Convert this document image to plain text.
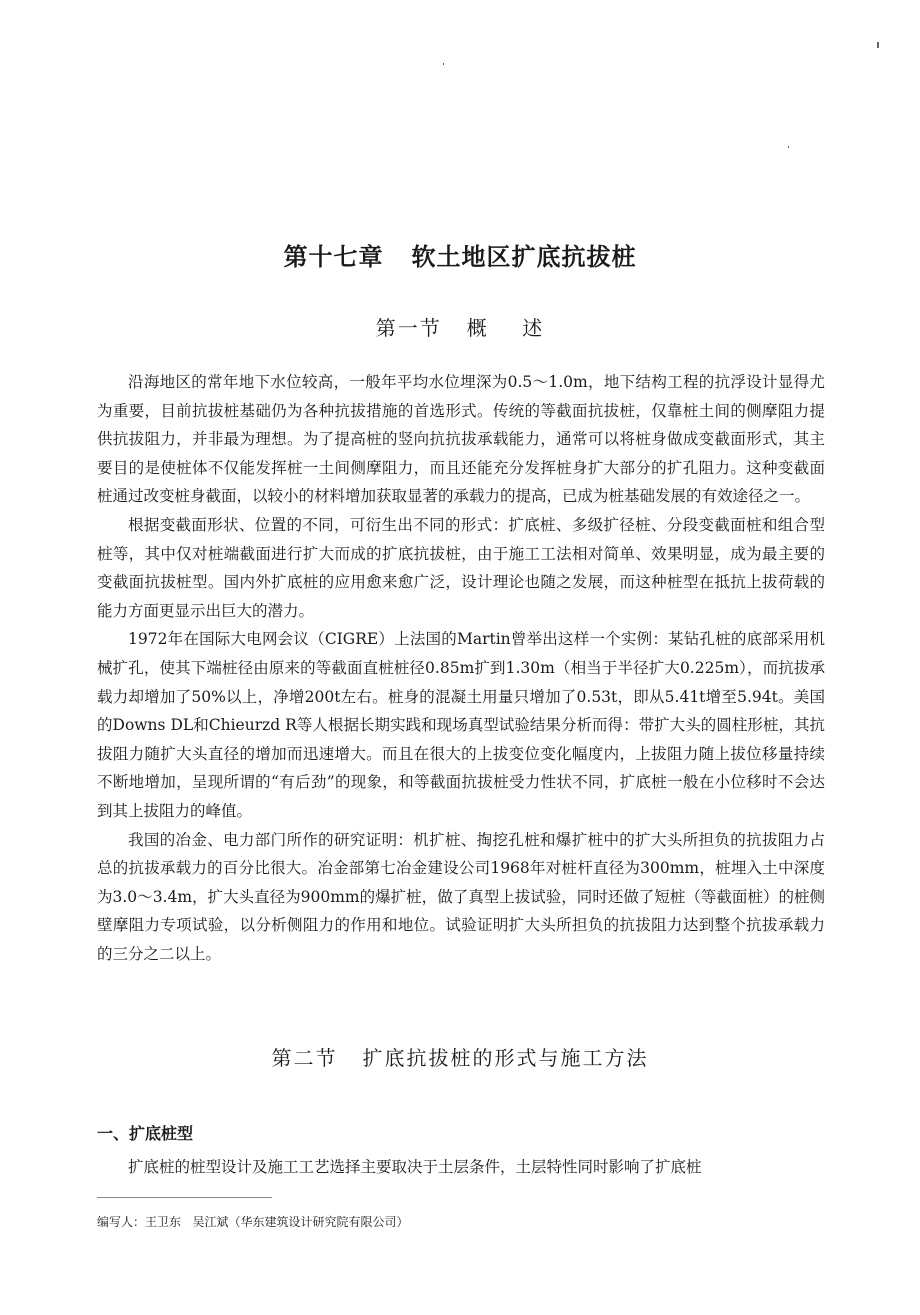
第十七章   软土地区扩底抗拔桩
第一节   概    述

沿海地区的常年地下水位较高，一般年平均水位埋深为0.5～1.0m，地下结构工程的抗浮设计显得尤为重要，目前抗拔桩基础仍为各种抗拔措施的首选形式。传统的等截面抗拔桩，仅靠桩土间的侧摩阻力提供抗拔阻力，并非最为理想。为了提高桩的竖向抗抗拔承载能力，通常可以将桩身做成变截面形式，其主要目的是使桩体不仅能发挥桩一土间侧摩阻力，而且还能充分发挥桩身扩大部分的扩孔阻力。这种变截面桩通过改变桩身截面，以较小的材料增加获取显著的承载力的提高，已成为桩基础发展的有效途径之一。

根据变截面形状、位置的不同，可衍生出不同的形式：扩底桩、多级扩径桩、分段变截面桩和组合型桩等，其中仅对桩端截面进行扩大而成的扩底抗拔桩，由于施工工法相对简单、效果明显，成为最主要的变截面抗拔桩型。国内外扩底桩的应用愈来愈广泛，设计理论也随之发展，而这种桩型在抵抗上拔荷载的能力方面更显示出巨大的潜力。

1972年在国际大电网会议（CIGRE）上法国的Martin曾举出这样一个实例：某钻孔桩的底部采用机械扩孔，使其下端桩径由原来的等截面直桩桩径0.85m扩到1.30m（相当于半径扩大0.225m），而抗拔承载力却增加了50%以上，净增200t左右。桩身的混凝土用量只增加了0.53t，即从5.41t增至5.94t。美国的Downs DL和Chieurzd R等人根据长期实践和现场真型试验结果分析而得：带扩大头的圆柱形桩，其抗拔阻力随扩大头直径的增加而迅速增大。而且在很大的上拔变位变化幅度内，上拔阻力随上拔位移量持续不断地增加，呈现所谓的“有后劲”的现象，和等截面抗拔桩受力性状不同，扩底桩一般在小位移时不会达到其上拔阻力的峰值。

我国的冶金、电力部门所作的研究证明：机扩桩、掏挖孔桩和爆扩桩中的扩大头所担负的抗拔阻力占总的抗拔承载力的百分比很大。冶金部第七冶金建设公司1968年对桩杆直径为300mm，桩埋入土中深度为3.0～3.4m，扩大头直径为900mm的爆扩桩，做了真型上拔试验，同时还做了短桩（等截面桩）的桩侧壁摩阻力专项试验，以分析侧阻力的作用和地位。试验证明扩大头所担负的抗拔阻力达到整个抗拔承载力的三分之二以上。

第二节   扩底抗拔桩的形式与施工方法
一、扩底桩型

扩底桩的桩型设计及施工工艺选择主要取决于土层条件，土层特性同时影响了扩底桩

编写人：王卫东   吴江斌（华东建筑设计研究院有限公司）
